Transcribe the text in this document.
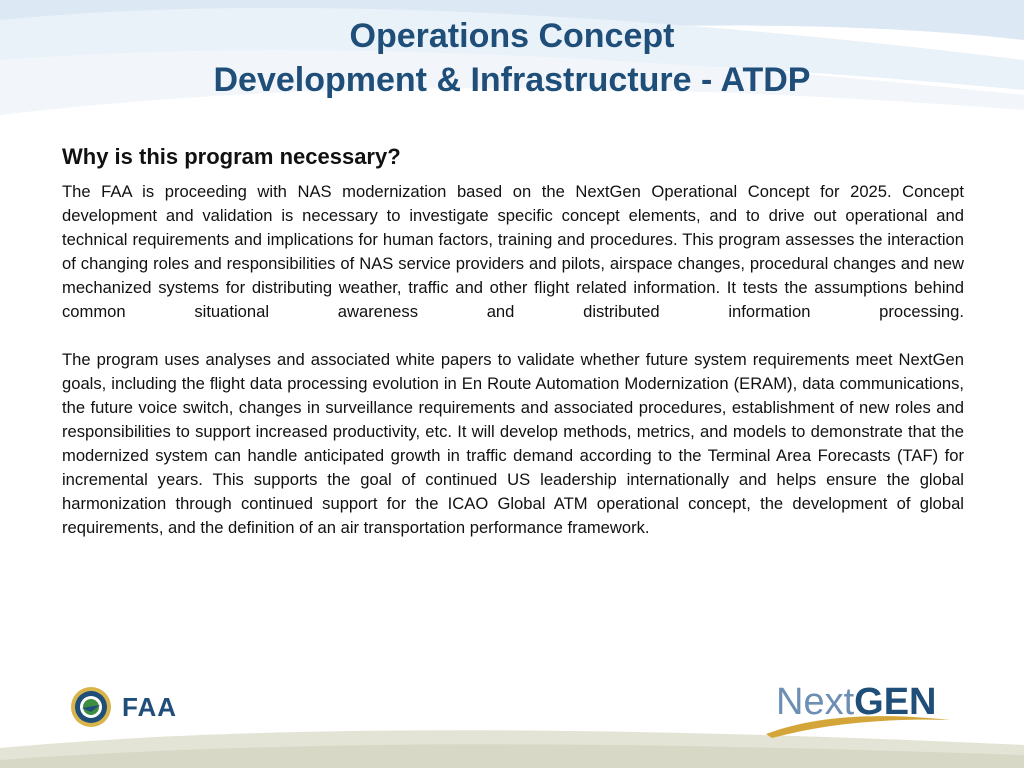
Operations Concept
Development & Infrastructure - ATDP
Why is this program necessary?

The FAA is proceeding with NAS modernization based on the NextGen Operational Concept for 2025. Concept development and validation is necessary to investigate specific concept elements, and to drive out operational and technical requirements and implications for human factors, training and procedures. This program assesses the interaction of changing roles and responsibilities of NAS service providers and pilots, airspace changes, procedural changes and new mechanized systems for distributing weather, traffic and other flight related information. It tests the assumptions behind common situational awareness and distributed information processing.

The program uses analyses and associated white papers to validate whether future system requirements meet NextGen goals, including the flight data processing evolution in En Route Automation Modernization (ERAM), data communications, the future voice switch, changes in surveillance requirements and associated procedures, establishment of new roles and responsibilities to support increased productivity, etc. It will develop methods, metrics, and models to demonstrate that the modernized system can handle anticipated growth in traffic demand according to the Terminal Area Forecasts (TAF) for incremental years. This supports the goal of continued US leadership internationally and helps ensure the global harmonization through continued support for the ICAO Global ATM operational concept, the development of global requirements, and the definition of an air transportation performance framework.

FAA	NextGEN
